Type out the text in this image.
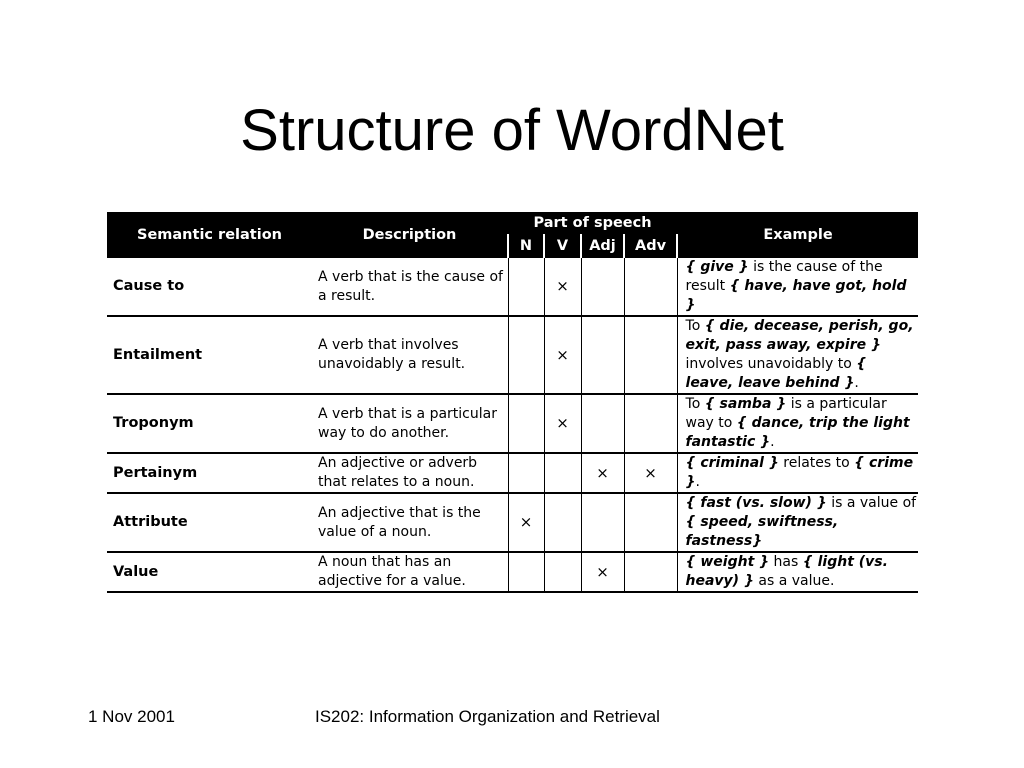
Structure of WordNet
Semantic relation	Description	Part of speech				Example
		N	V	Adj	Adv	
Cause to	A verb that is the cause of a result.		×			{ give } is the cause of the result { have, have got, hold }
Entailment	A verb that involves unavoidably a result.		×			To { die, decease, perish, go, exit, pass away, expire } involves unavoidably to { leave, leave behind }.
Troponym	A verb that is a particular way to do another.		×			To { samba } is a particular way to { dance, trip the light fantastic }.
Pertainym	An adjective or adverb that relates to a noun.			×	×	{ criminal } relates to { crime }.
Attribute	An adjective that is the value of a noun.	×				{ fast (vs. slow) } is a value of { speed, swiftness, fastness}
Value	A noun that has an adjective for a value.			×		{ weight } has { light (vs. heavy) } as a value.
1 Nov 2001	IS202: Information Organization and Retrieval
